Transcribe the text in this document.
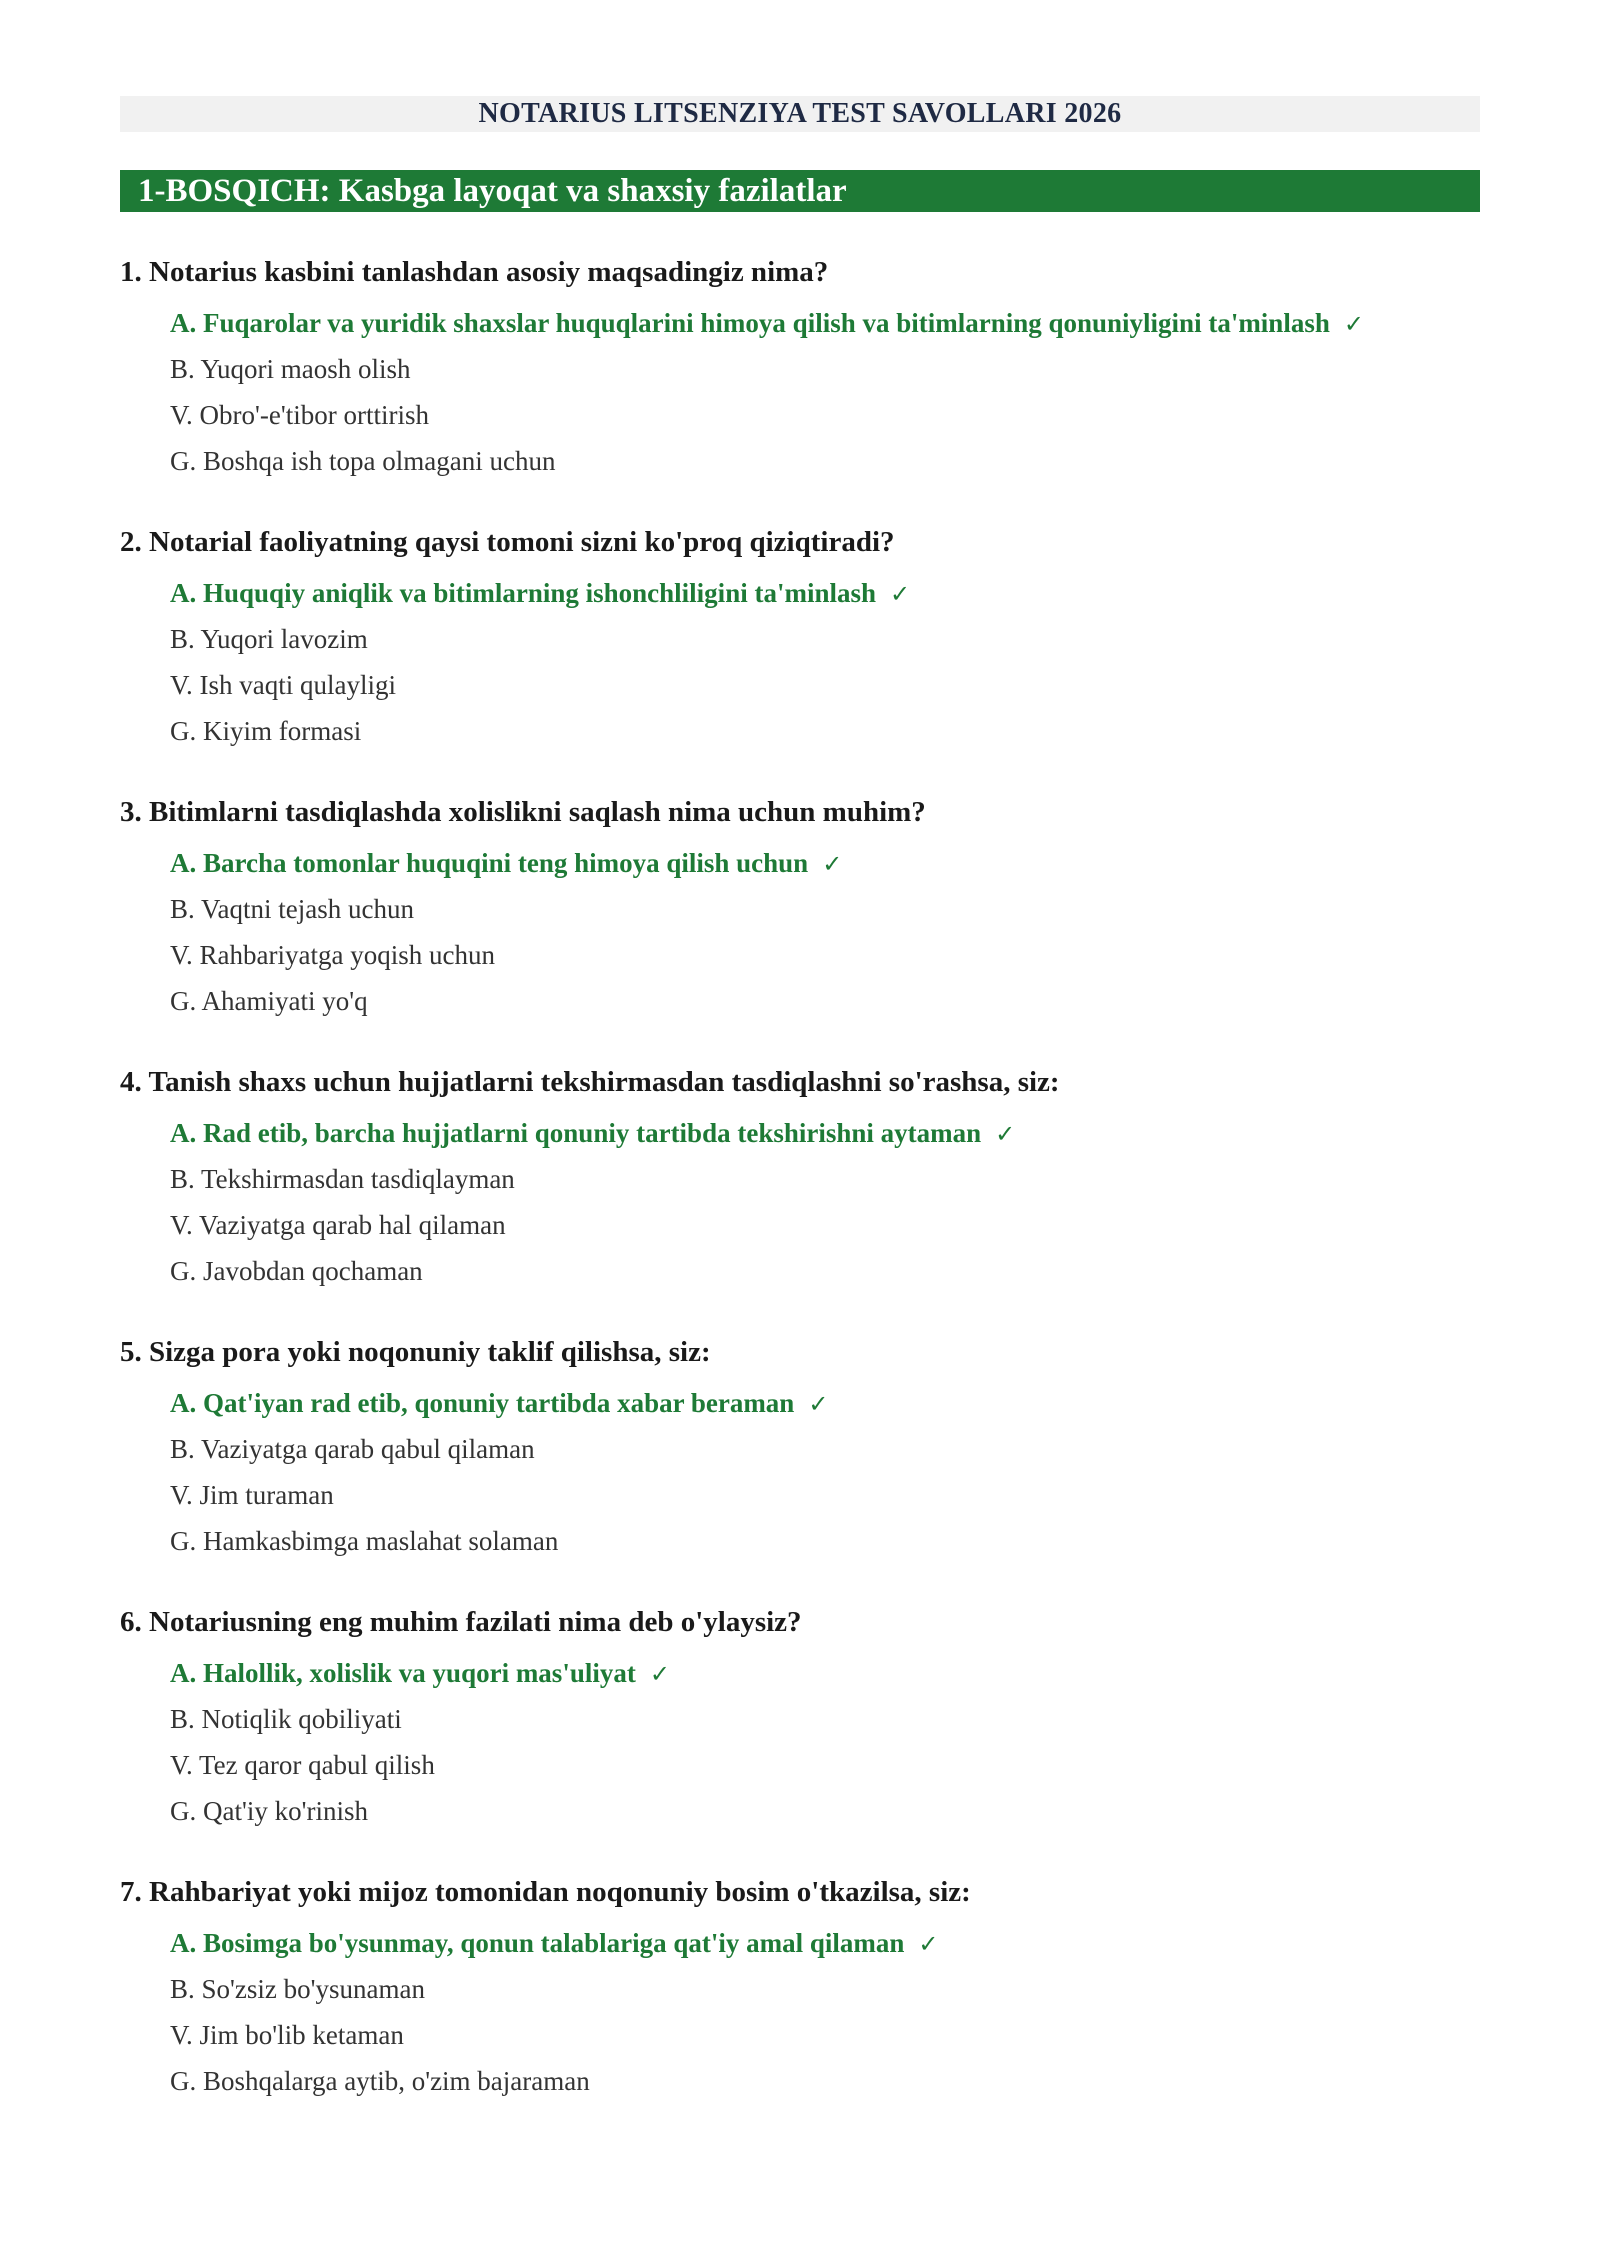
NOTARIUS LITSENZIYA TEST SAVOLLARI 2026
1-BOSQICH: Kasbga layoqat va shaxsiy fazilatlar
1. Notarius kasbini tanlashdan asosiy maqsadingiz nima?
A. Fuqarolar va yuridik shaxslar huquqlarini himoya qilish va bitimlarning qonuniyligini ta'minlash ✓
B. Yuqori maosh olish
V. Obro'-e'tibor orttirish
G. Boshqa ish topa olmagani uchun
2. Notarial faoliyatning qaysi tomoni sizni ko'proq qiziqtiradi?
A. Huquqiy aniqlik va bitimlarning ishonchliligini ta'minlash ✓
B. Yuqori lavozim
V. Ish vaqti qulayligi
G. Kiyim formasi
3. Bitimlarni tasdiqlashda xolislikni saqlash nima uchun muhim?
A. Barcha tomonlar huquqini teng himoya qilish uchun ✓
B. Vaqtni tejash uchun
V. Rahbariyatga yoqish uchun
G. Ahamiyati yo'q
4. Tanish shaxs uchun hujjatlarni tekshirmasdan tasdiqlashni so'rashsa, siz:
A. Rad etib, barcha hujjatlarni qonuniy tartibda tekshirishni aytaman ✓
B. Tekshirmasdan tasdiqlayman
V. Vaziyatga qarab hal qilaman
G. Javobdan qochaman
5. Sizga pora yoki noqonuniy taklif qilishsa, siz:
A. Qat'iyan rad etib, qonuniy tartibda xabar beraman ✓
B. Vaziyatga qarab qabul qilaman
V. Jim turaman
G. Hamkasbimga maslahat solaman
6. Notariusning eng muhim fazilati nima deb o'ylaysiz?
A. Halollik, xolislik va yuqori mas'uliyat ✓
B. Notiqlik qobiliyati
V. Tez qaror qabul qilish
G. Qat'iy ko'rinish
7. Rahbariyat yoki mijoz tomonidan noqonuniy bosim o'tkazilsa, siz:
A. Bosimga bo'ysunmay, qonun talablariga qat'iy amal qilaman ✓
B. So'zsiz bo'ysunaman
V. Jim bo'lib ketaman
G. Boshqalarga aytib, o'zim bajaraman
